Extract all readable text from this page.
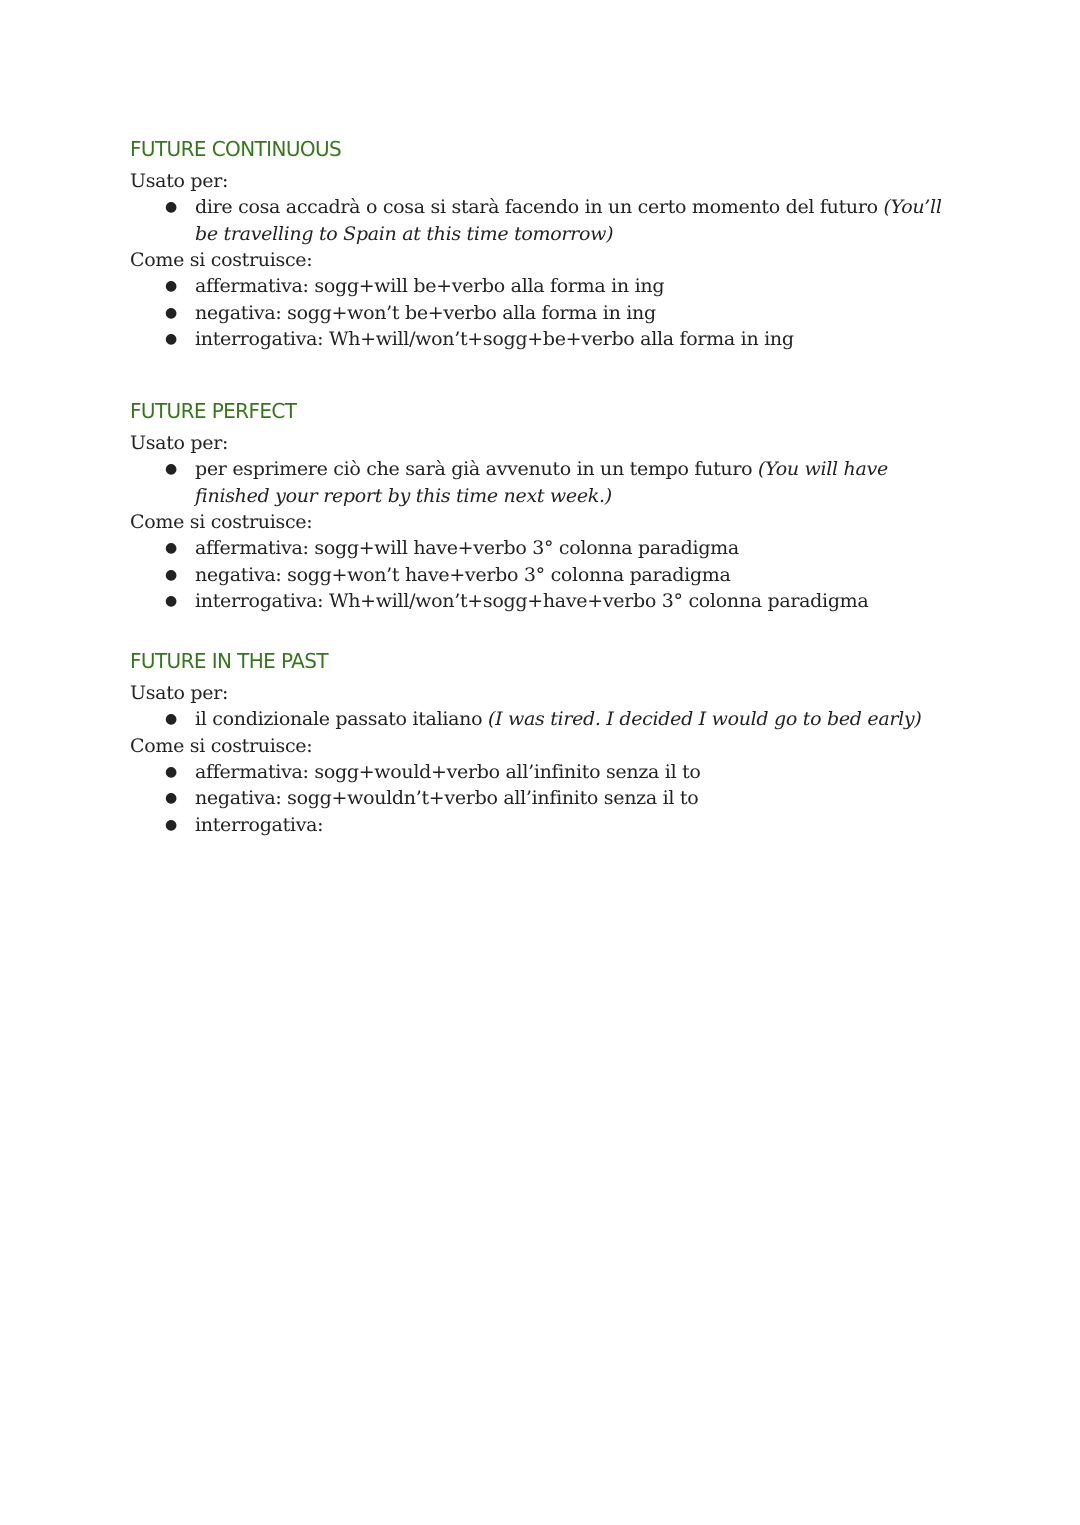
FUTURE CONTINUOUS

Usato per:

● dire cosa accadrà o cosa si starà facendo in un certo momento del futuro (You’ll be travelling to Spain at this time tomorrow)

Come si costruisce:

● affermativa: sogg+will be+verbo alla forma in ing
● negativa: sogg+won’t be+verbo alla forma in ing
● interrogativa: Wh+will/won’t+sogg+be+verbo alla forma in ing
FUTURE PERFECT

Usato per:

● per esprimere ciò che sarà già avvenuto in un tempo futuro (You will have finished your report by this time next week.)

Come si costruisce:

● affermativa: sogg+will have+verbo 3° colonna paradigma
● negativa: sogg+won’t have+verbo 3° colonna paradigma
● interrogativa: Wh+will/won’t+sogg+have+verbo 3° colonna paradigma
FUTURE IN THE PAST

Usato per:

● il condizionale passato italiano (I was tired. I decided I would go to bed early)

Come si costruisce:

● affermativa: sogg+would+verbo all’infinito senza il to
● negativa: sogg+wouldn’t+verbo all’infinito senza il to
● interrogativa:
